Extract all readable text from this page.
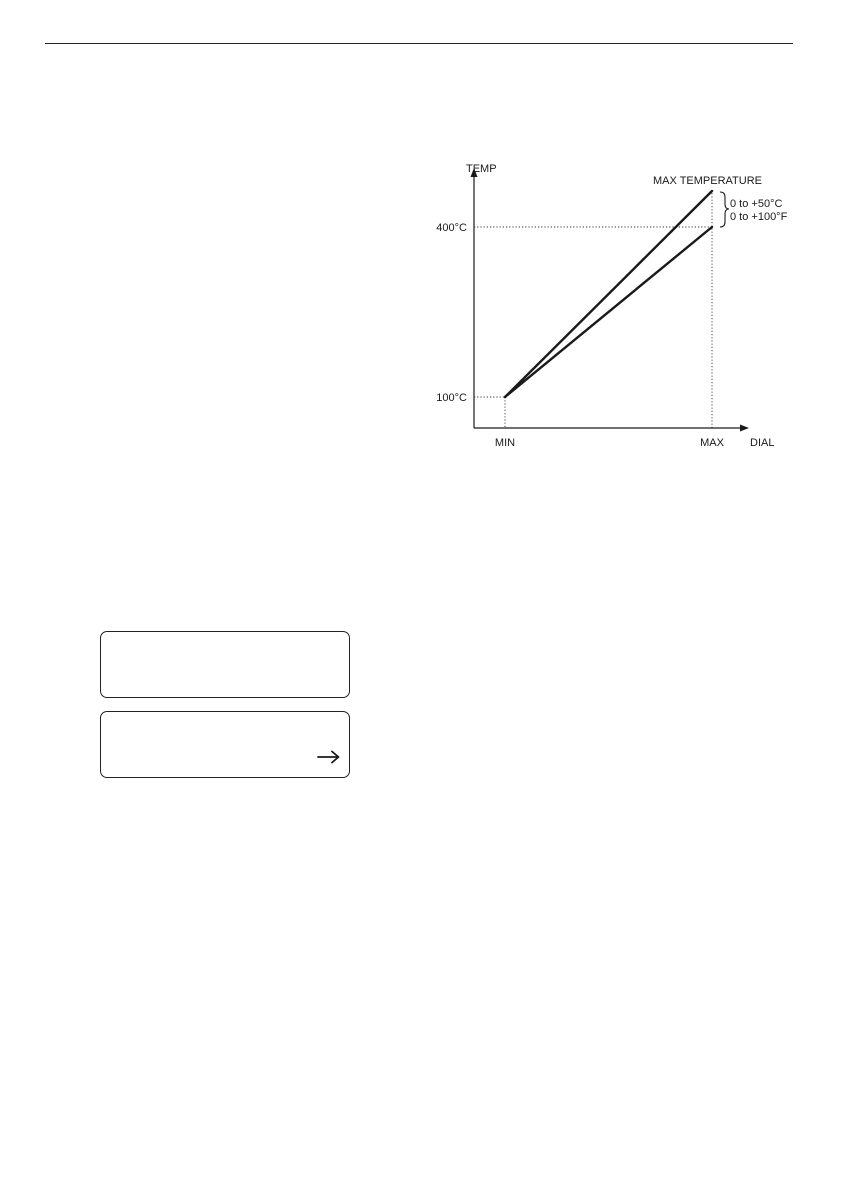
TEMP
MAX TEMPERATURE
0 to +50°C
0 to +100°F
400°C
100°C
MIN	MAX DIAL
